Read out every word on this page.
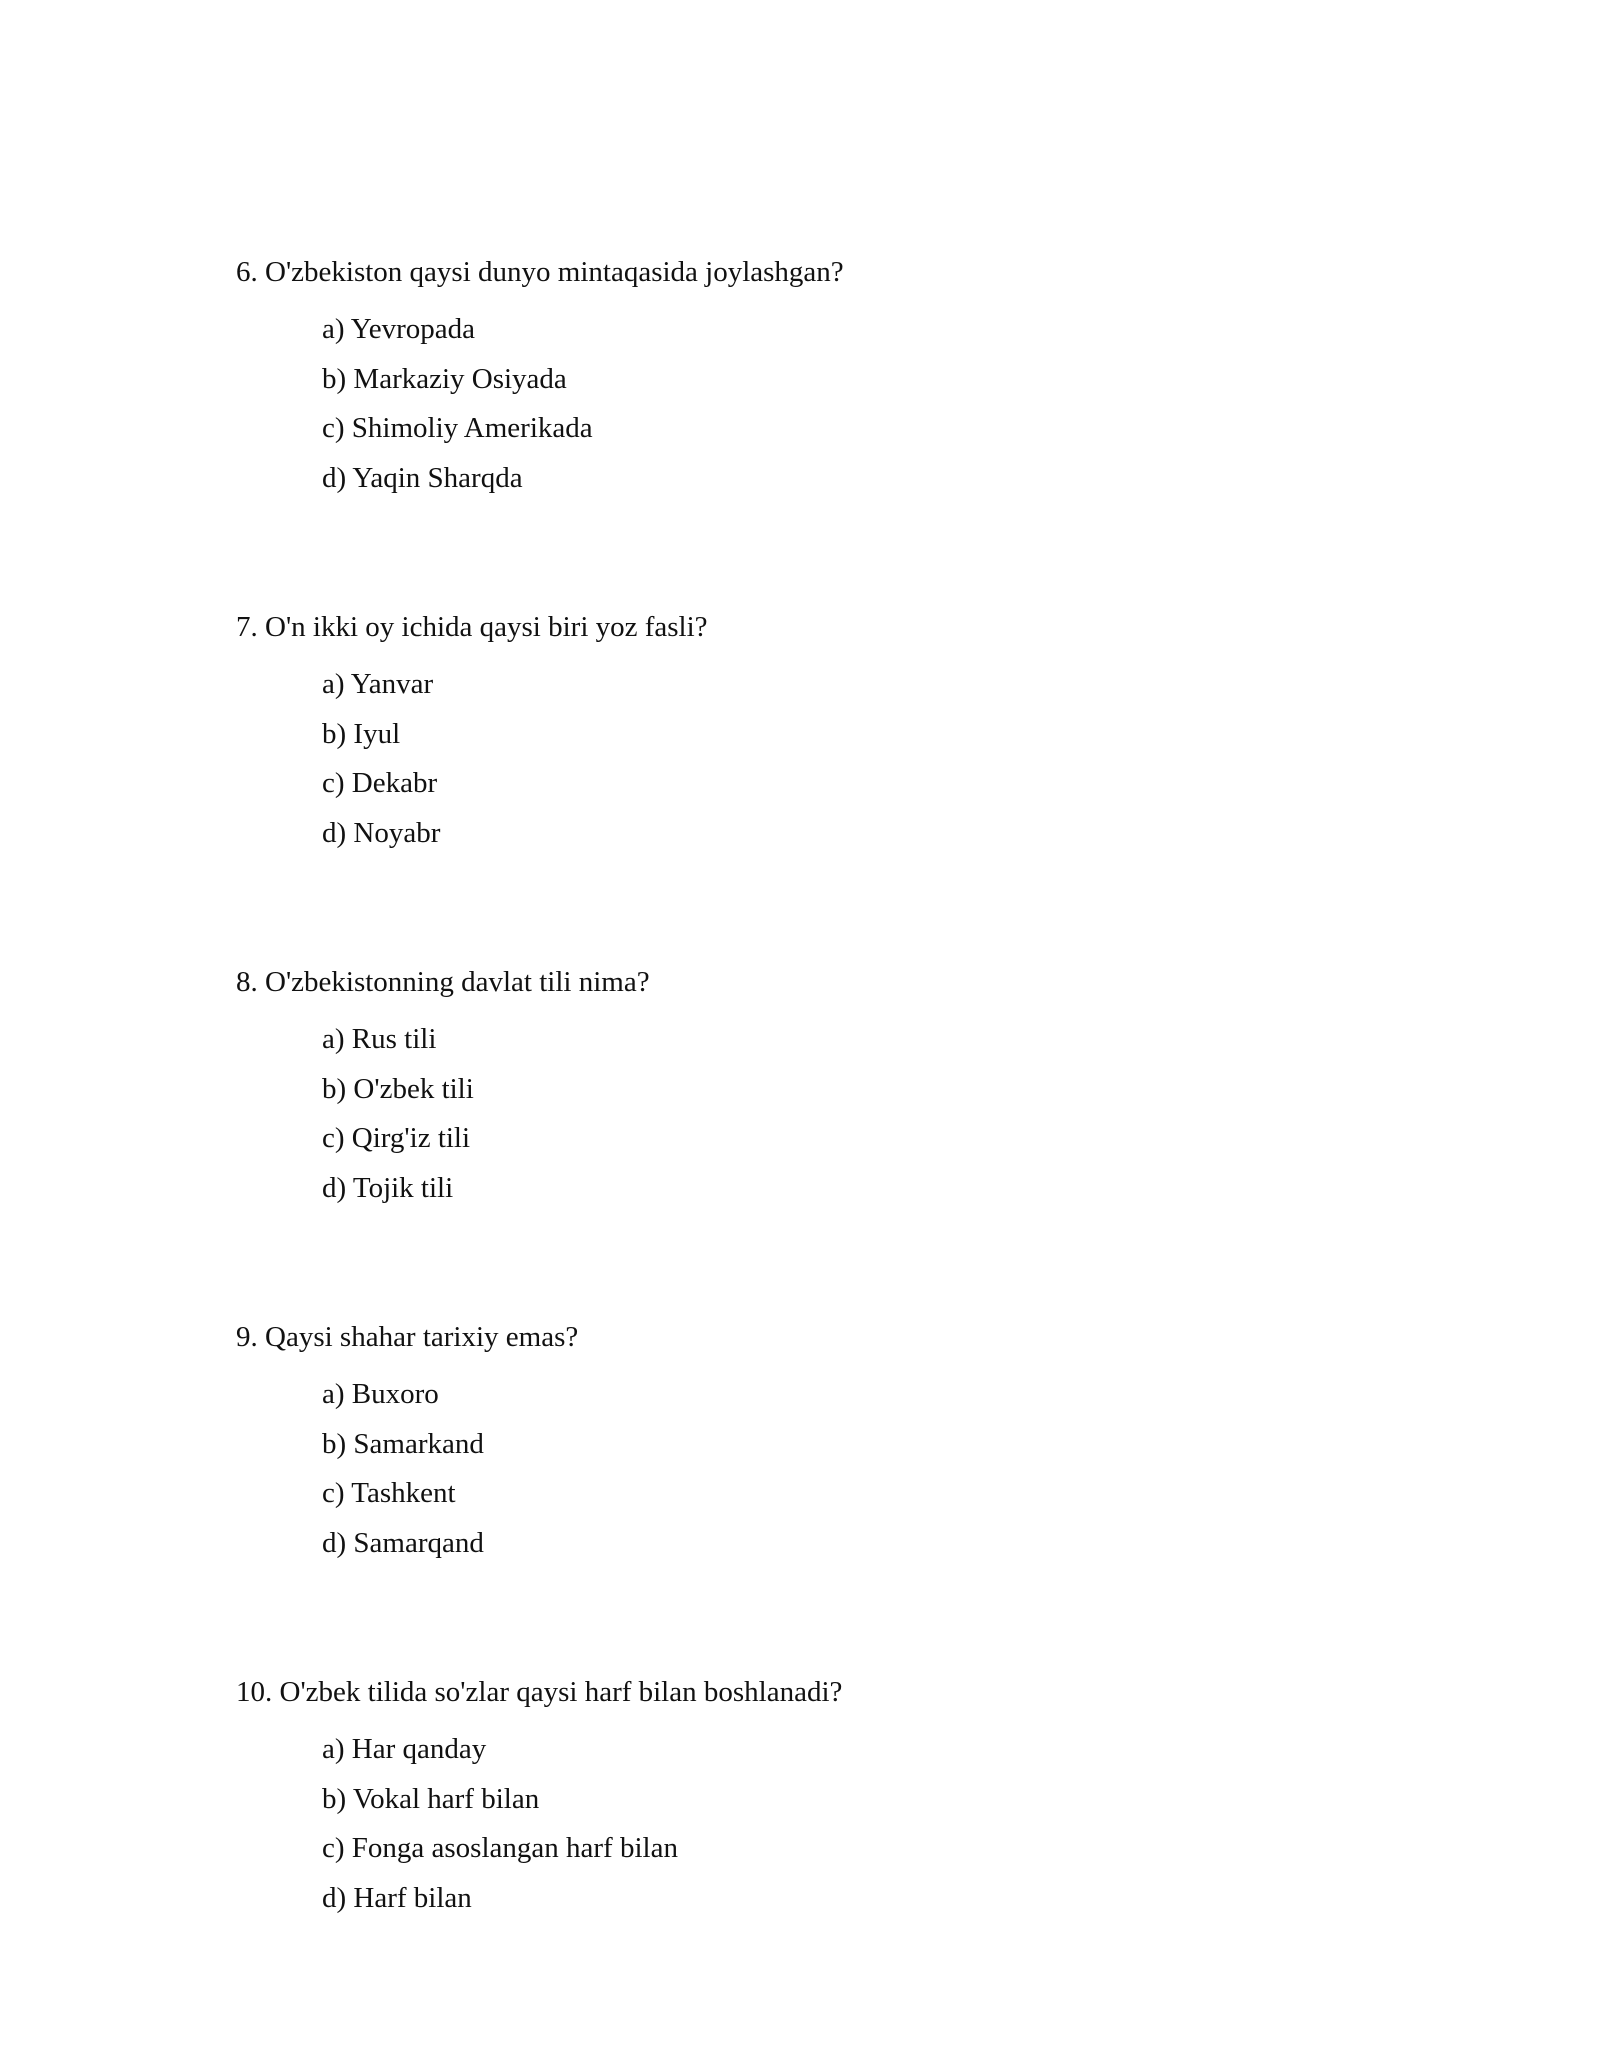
6. O'zbekiston qaysi dunyo mintaqasida joylashgan?

a) Yevropada
b) Markaziy Osiyada
c) Shimoliy Amerikada
d) Yaqin Sharqda

7. O'n ikki oy ichida qaysi biri yoz fasli?

a) Yanvar
b) Iyul
c) Dekabr
d) Noyabr

8. O'zbekistonning davlat tili nima?

a) Rus tili
b) O'zbek tili
c) Qirg'iz tili
d) Tojik tili

9. Qaysi shahar tarixiy emas?

a) Buxoro
b) Samarkand
c) Tashkent
d) Samarqand

10. O'zbek tilida so'zlar qaysi harf bilan boshlanadi?

a) Har qanday
b) Vokal harf bilan
c) Fonga asoslangan harf bilan
d) Harf bilan
